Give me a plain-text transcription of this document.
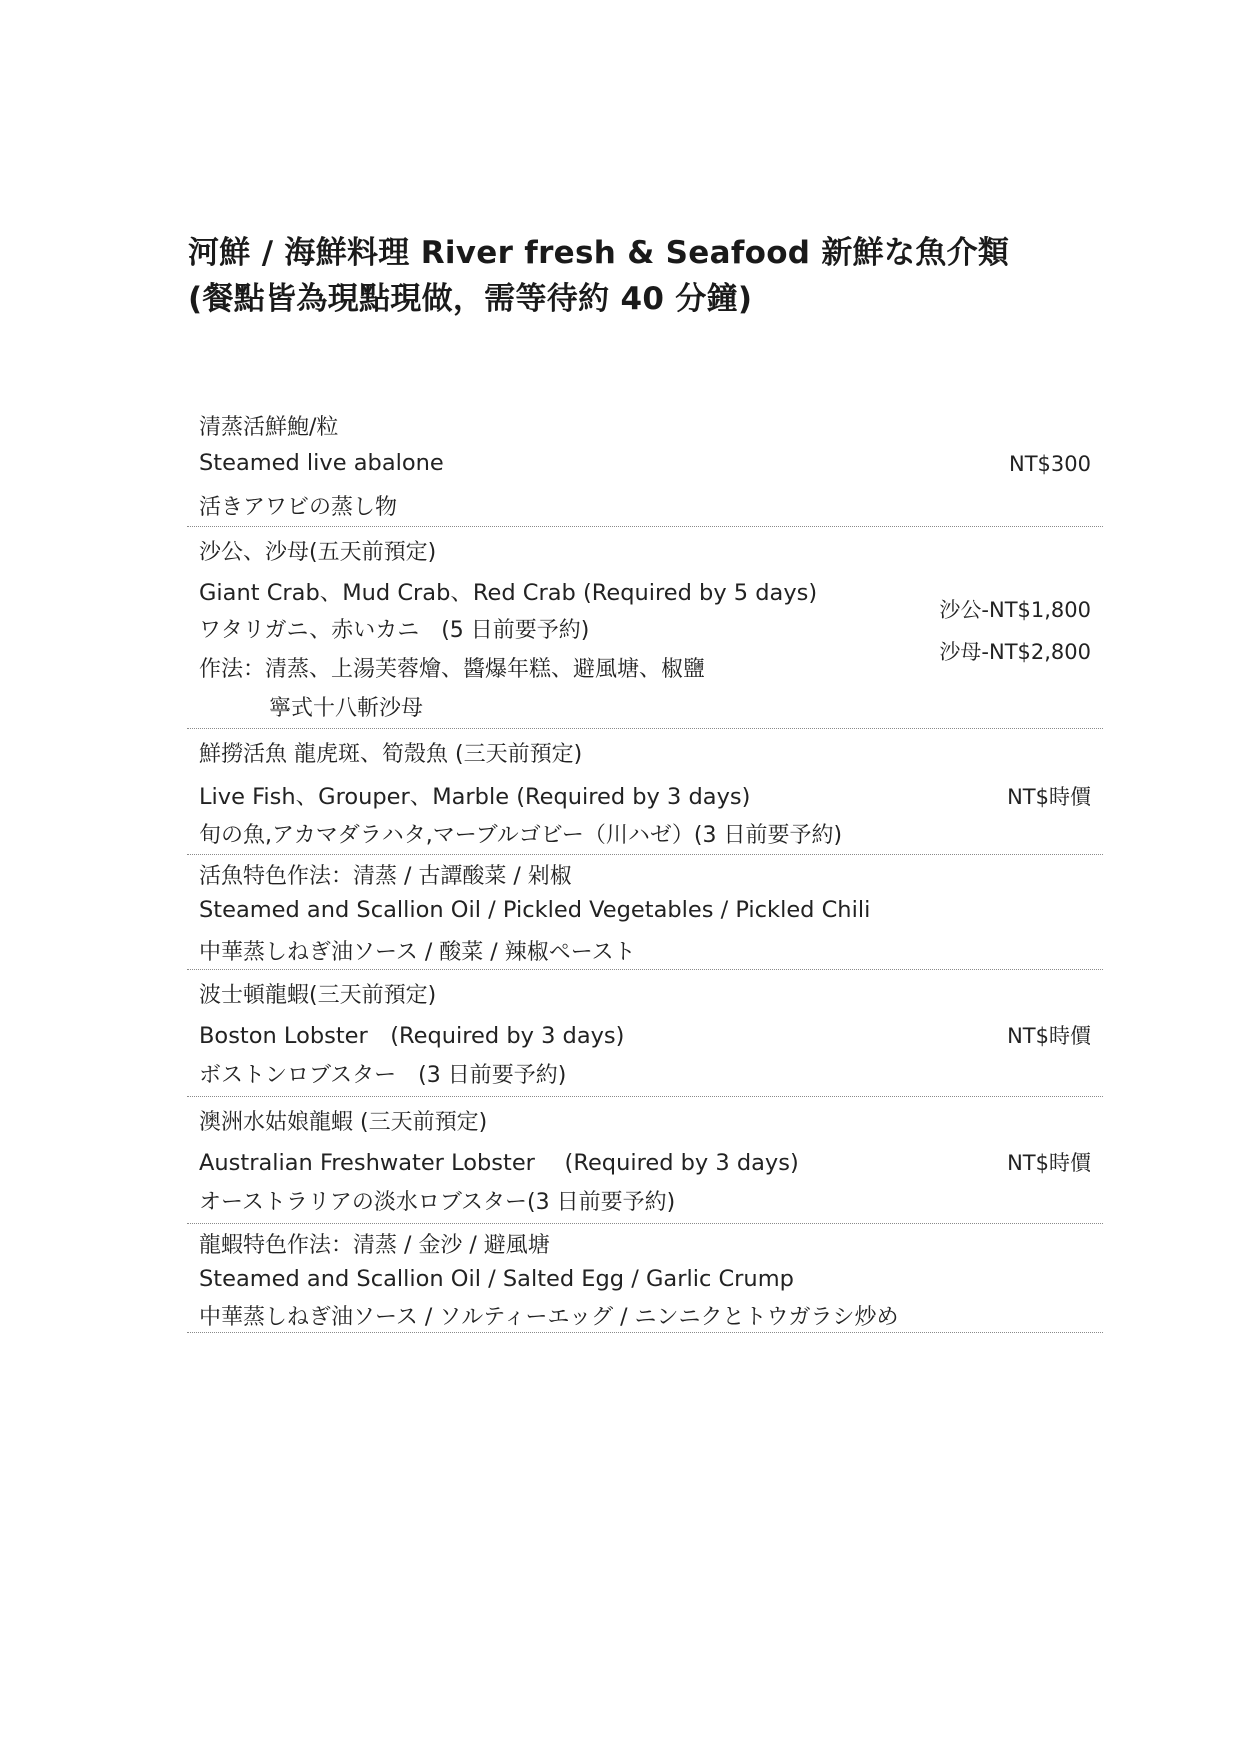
河鮮 / 海鮮料理 River fresh & Seafood 新鮮な魚介類
(餐點皆為現點現做，需等待約 40 分鐘)
清蒸活鮮鮑/粒
Steamed live abalone
活きアワビの蒸し物
NT$300
沙公、沙母(五天前預定)
Giant Crab、Mud Crab、Red Crab (Required by 5 days)
ワタリガニ、赤いカニ　(5 日前要予約)
作法：清蒸、上湯芙蓉燴、醬爆年糕、避風塘、椒鹽
寧式十八斬沙母
沙公-NT$1,800
沙母-NT$2,800
鮮撈活魚 龍虎斑、筍殼魚 (三天前預定)
Live Fish、Grouper、Marble (Required by 3 days)
旬の魚,アカマダラハタ,マーブルゴビー（川ハゼ）(3 日前要予約)
NT$時價
活魚特色作法：清蒸 / 古譚酸菜 / 剁椒
Steamed and Scallion Oil / Pickled Vegetables / Pickled Chili
中華蒸しねぎ油ソース / 酸菜 / 辣椒ペースト
波士頓龍蝦(三天前預定)
Boston Lobster　(Required by 3 days)
ボストンロブスター　(3 日前要予約)
NT$時價
澳洲水姑娘龍蝦 (三天前預定)
Australian Freshwater Lobster　 (Required by 3 days)
オーストラリアの淡水ロブスター(3 日前要予約)
NT$時價
龍蝦特色作法：清蒸 / 金沙 / 避風塘
Steamed and Scallion Oil / Salted Egg / Garlic Crump
中華蒸しねぎ油ソース / ソルティーエッグ / ニンニクとトウガラシ炒め
